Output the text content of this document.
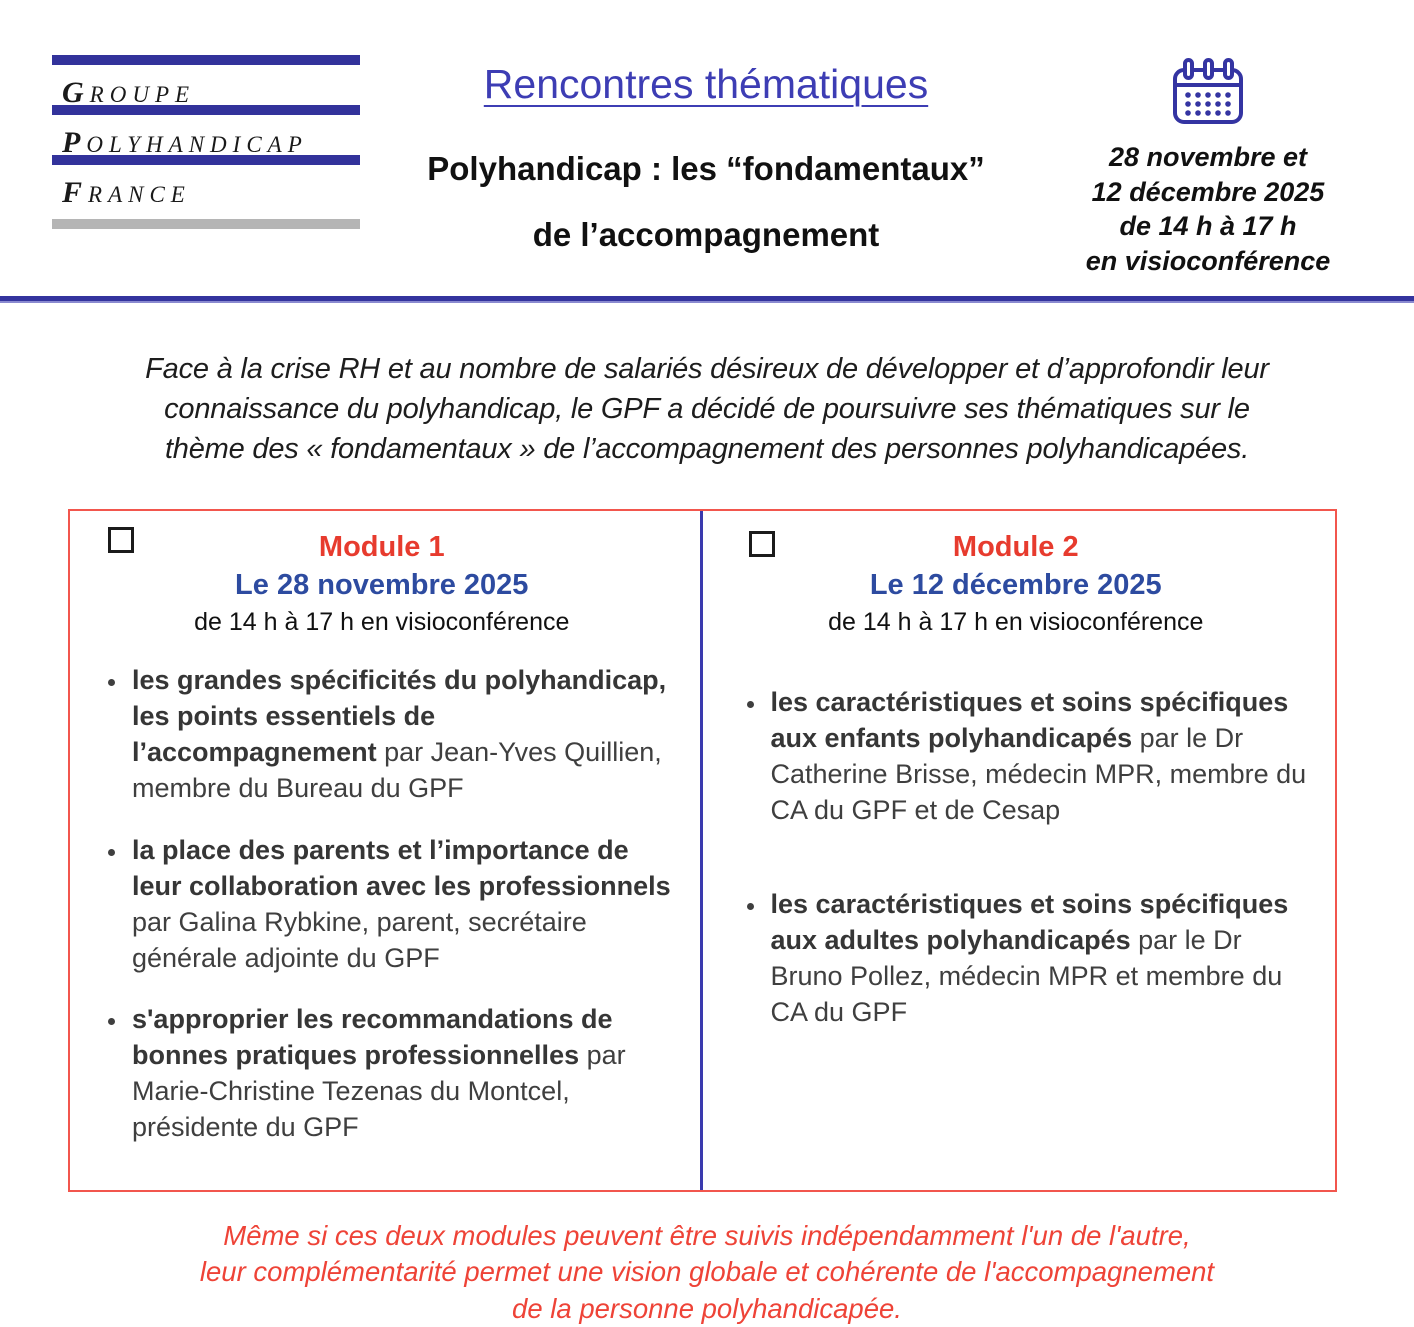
GROUPE
POLYHANDICAP
FRANCE
Rencontres thématiques
Polyhandicap : les “fondamentaux”
de l’accompagnement
28 novembre et
12 décembre 2025
de 14 h à 17 h
en visioconférence
Face à la crise RH et au nombre de salariés désireux de développer et d’approfondir leur
connaissance du polyhandicap, le GPF a décidé de poursuivre ses thématiques sur le
thème des « fondamentaux » de l’accompagnement des personnes polyhandicapées.
Module 1
Le 28 novembre 2025
de 14 h à 17 h en visioconférence
• les grandes spécificités du polyhandicap, les points essentiels de l’accompagnement par Jean-Yves Quillien, membre du Bureau du GPF
• la place des parents et l’importance de leur collaboration avec les professionnels par Galina Rybkine, parent, secrétaire générale adjointe du GPF
• s'approprier les recommandations de bonnes pratiques professionnelles par Marie-Christine Tezenas du Montcel, présidente du GPF
Module 2
Le 12 décembre 2025
de 14 h à 17 h en visioconférence
• les caractéristiques et soins spécifiques aux enfants polyhandicapés par le Dr Catherine Brisse, médecin MPR, membre du CA du GPF et de Cesap
• les caractéristiques et soins spécifiques aux adultes polyhandicapés par le Dr Bruno Pollez, médecin MPR et membre du CA du GPF
Même si ces deux modules peuvent être suivis indépendamment l'un de l'autre,
leur complémentarité permet une vision globale et cohérente de l'accompagnement
de la personne polyhandicapée.
